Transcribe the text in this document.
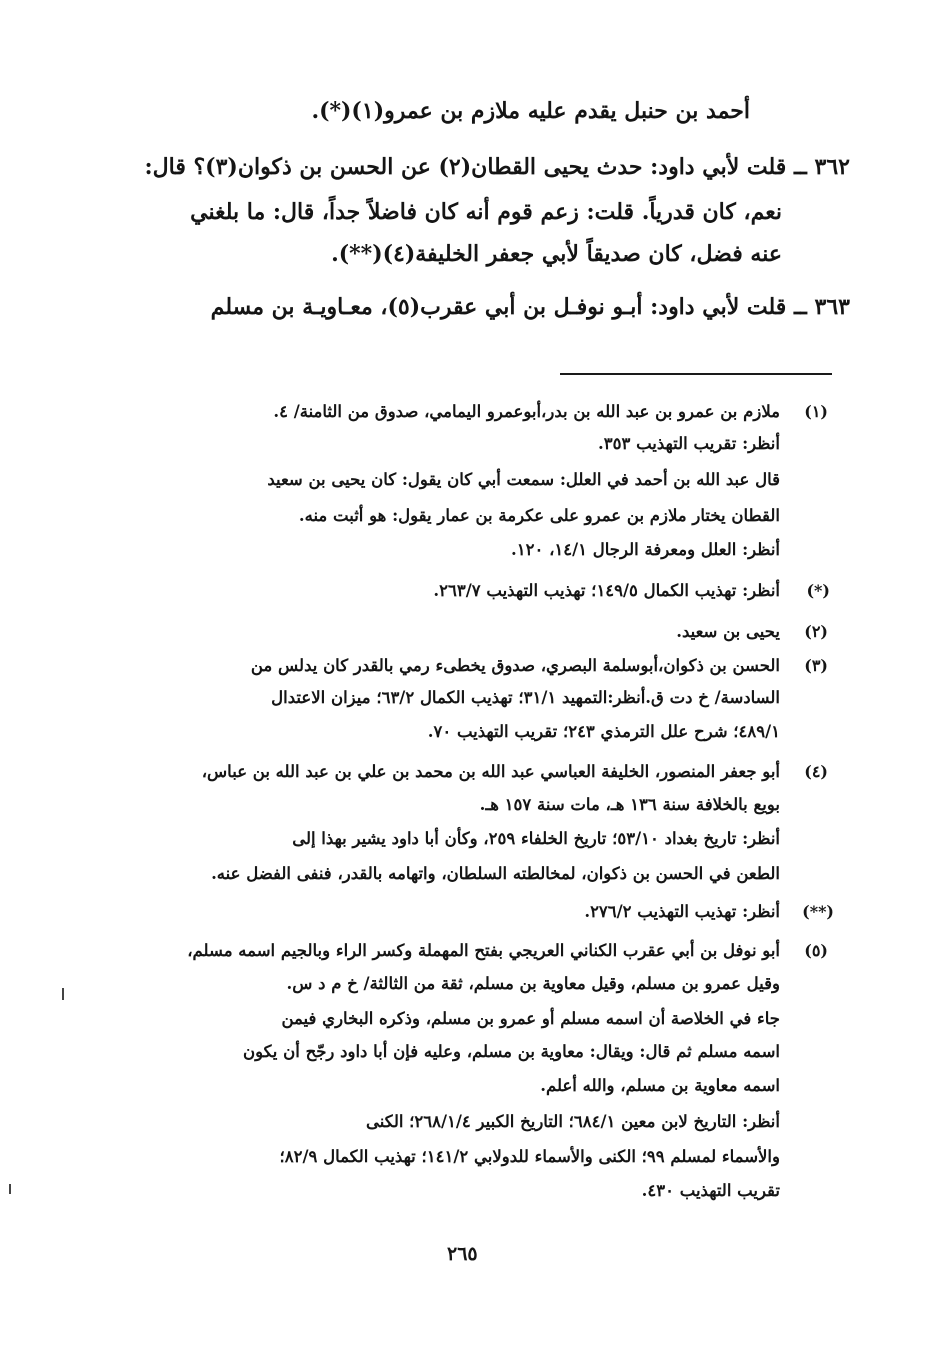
أحمد بن حنبل يقدم عليه ملازم بن عمرو(١)(*).
٣٦٢ ــ قلت لأبي داود: حدث يحيى القطان(٢) عن الحسن بن ذكوان(٣)؟ قال:
نعم، كان قدرياً. قلت: زعم قوم أنه كان فاضلاً جداً، قال: ما بلغني
عنه فضل، كان صديقاً لأبي جعفر الخليفة(٤)(**).
٣٦٣ ــ قلت لأبي داود: أبـو نوفـل بن أبي عقرب(٥)، معـاويـة بن مسلم
(١)
(*)
(٢)
(٣)
(٤)
(**)
(٥)
ملازم بن عمرو بن عبد الله بن بدر،أبوعمرو اليمامي، صدوق من الثامنة/ ٤.
أنظر: تقريب التهذيب ٣٥٣.
قال عبد الله بن أحمد في العلل: سمعت أبي كان يقول: كان يحيى بن سعيد
القطان يختار ملازم بن عمرو على عكرمة بن عمار يقول: هو أثبت منه.
أنظر: العلل ومعرفة الرجال ١٤/١، ١٢٠.
أنظر: تهذيب الكمال ١٤٩/٥؛ تهذيب التهذيب ٢٦٣/٧.
يحيى بن سعيد.
الحسن بن ذكوان،أبوسلمة البصري، صدوق يخطىء رمي بالقدر كان يدلس من
السادسة/ خ دت ق.أنظر:التمهيد ٣١/١؛ تهذيب الكمال ٦٣/٢؛ ميزان الاعتدال
٤٨٩/١؛ شرح علل الترمذي ٢٤٣؛ تقريب التهذيب ٧٠.
أبو جعفر المنصور، الخليفة العباسي عبد الله بن محمد بن علي بن عبد الله بن عباس،
بويع بالخلافة سنة ١٣٦ هـ، مات سنة ١٥٧ هـ.
أنظر: تاريخ بغداد ٥٣/١٠؛ تاريخ الخلفاء ٢٥٩، وكأن أبا داود يشير بهذا إلى
الطعن في الحسن بن ذكوان، لمخالطته السلطان، واتهامه بالقدر، فنفى الفضل عنه.
أنظر: تهذيب التهذيب ٢٧٦/٢.
أبو نوفل بن أبي عقرب الكناني العريجي بفتح المهملة وكسر الراء وبالجيم اسمه مسلم،
وقيل عمرو بن مسلم، وقيل معاوية بن مسلم، ثقة من الثالثة/ خ م د س.
جاء في الخلاصة أن اسمه مسلم أو عمرو بن مسلم، وذكره البخاري فيمن
اسمه مسلم ثم قال: ويقال: معاوية بن مسلم، وعليه فإن أبا داود رجّح أن يكون
اسمه معاوية بن مسلم، والله أعلم.
أنظر: التاريخ لابن معين ٦٨٤/١؛ التاريخ الكبير ٢٦٨/١/٤؛ الكنى
والأسماء لمسلم ٩٩؛ الكنى والأسماء للدولابي ١٤١/٢؛ تهذيب الكمال ٨٢/٩؛
تقريب التهذيب ٤٣٠.
٢٦٥
